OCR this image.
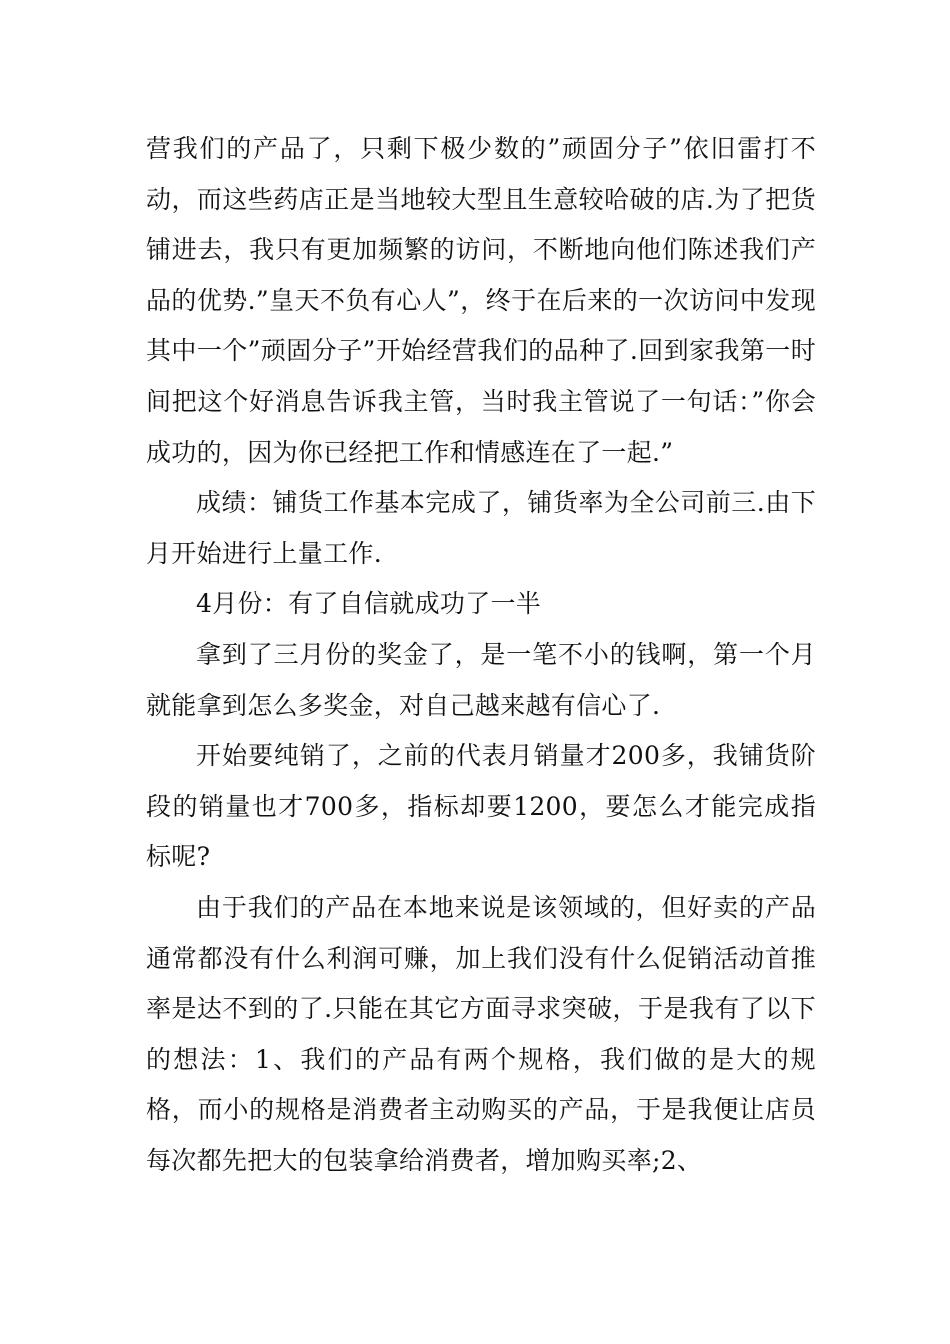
营我们的产品了，只剩下极少数的”顽固分子”依旧雷打不动，而这些药店正是当地较大型且生意较哈破的店.为了把货铺进去，我只有更加频繁的访问，不断地向他们陈述我们产品的优势.”皇天不负有心人”，终于在后来的一次访问中发现其中一个”顽固分子”开始经营我们的品种了.回到家我第一时间把这个好消息告诉我主管，当时我主管说了一句话：”你会成功的，因为你已经把工作和情感连在了一起.”

成绩：铺货工作基本完成了，铺货率为全公司前三.由下月开始进行上量工作.

4月份：有了自信就成功了一半

拿到了三月份的奖金了，是一笔不小的钱啊，第一个月就能拿到怎么多奖金，对自己越来越有信心了.

开始要纯销了，之前的代表月销量才200多，我铺货阶段的销量也才700多，指标却要1200，要怎么才能完成指标呢?

由于我们的产品在本地来说是该领域的，但好卖的产品通常都没有什么利润可赚，加上我们没有什么促销活动首推率是达不到的了.只能在其它方面寻求突破，于是我有了以下的想法：1、我们的产品有两个规格，我们做的是大的规格，而小的规格是消费者主动购买的产品，于是我便让店员每次都先把大的包装拿给消费者，增加购买率;2、
